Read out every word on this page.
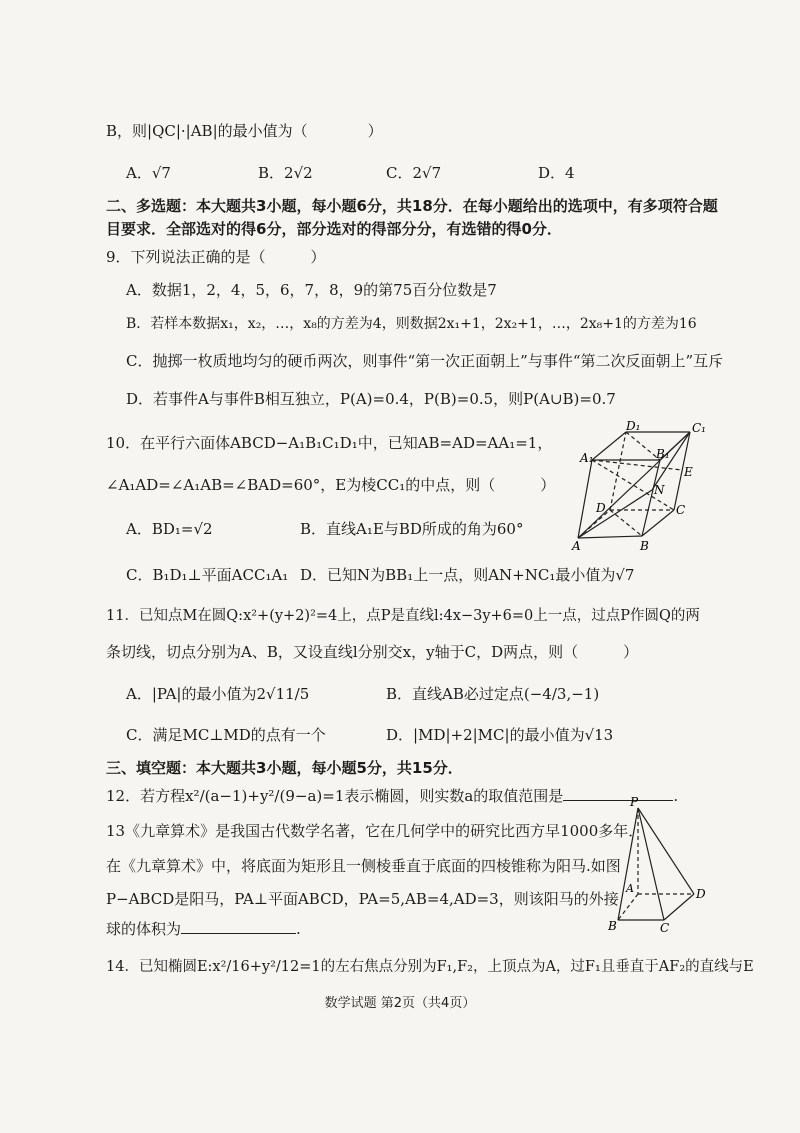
B，则|QC|·|AB|的最小值为（　　　　）
A．√7	B．2√2	C．2√7	D．4
二、多选题：本大题共3小题，每小题6分，共18分．在每小题给出的选项中，有多项符合题
目要求．全部选对的得6分，部分选对的得部分分，有选错的得0分．
9．下列说法正确的是（　　　）
A．数据1，2，4，5，6，7，8，9的第75百分位数是7
B．若样本数据x₁，x₂，…，x₈的方差为4，则数据2x₁+1，2x₂+1，…，2x₈+1的方差为16
C．抛掷一枚质地均匀的硬币两次，则事件“第一次正面朝上”与事件“第二次反面朝上”互斥
D．若事件A与事件B相互独立，P(A)=0.4，P(B)=0.5，则P(A∪B)=0.7
10．在平行六面体ABCD−A₁B₁C₁D₁中，已知AB=AD=AA₁=1，
∠A₁AD=∠A₁AB=∠BAD=60°，E为棱CC₁的中点，则（　　　）
A．BD₁=√2	B．直线A₁E与BD所成的角为60°
C．B₁D₁⊥平面ACC₁A₁ D．已知N为BB₁上一点，则AN+NC₁最小值为√7
D₁	C₁
A₁	B₁
E
N
D	C
A	B
11．已知点M在圆Q:x²+(y+2)²=4上，点P是直线l:4x−3y+6=0上一点，过点P作圆Q的两
条切线，切点分别为A、B，又设直线l分别交x，y轴于C，D两点，则（　　　）
A．|PA|的最小值为2√11/5	B．直线AB必过定点(−4/3,−1)
C．满足MC⊥MD的点有一个	D．|MD|+2|MC|的最小值为√13
三、填空题：本大题共3小题，每小题5分，共15分．
12．若方程x²/(a−1)+y²/(9−a)=1表示椭圆，则实数a的取值范围是	.
13《九章算术》是我国古代数学名著，它在几何学中的研究比西方早1000多年．
在《九章算术》中，将底面为矩形且一侧棱垂直于底面的四棱锥称为阳马.如图
P−ABCD是阳马，PA⊥平面ABCD，PA=5,AB=4,AD=3，则该阳马的外接
球的体积为	.
P
A	D
B	C
14．已知椭圆E:x²/16+y²/12=1的左右焦点分别为F₁,F₂，上顶点为A，过F₁且垂直于AF₂的直线与E
数学试题 第2页（共4页）
